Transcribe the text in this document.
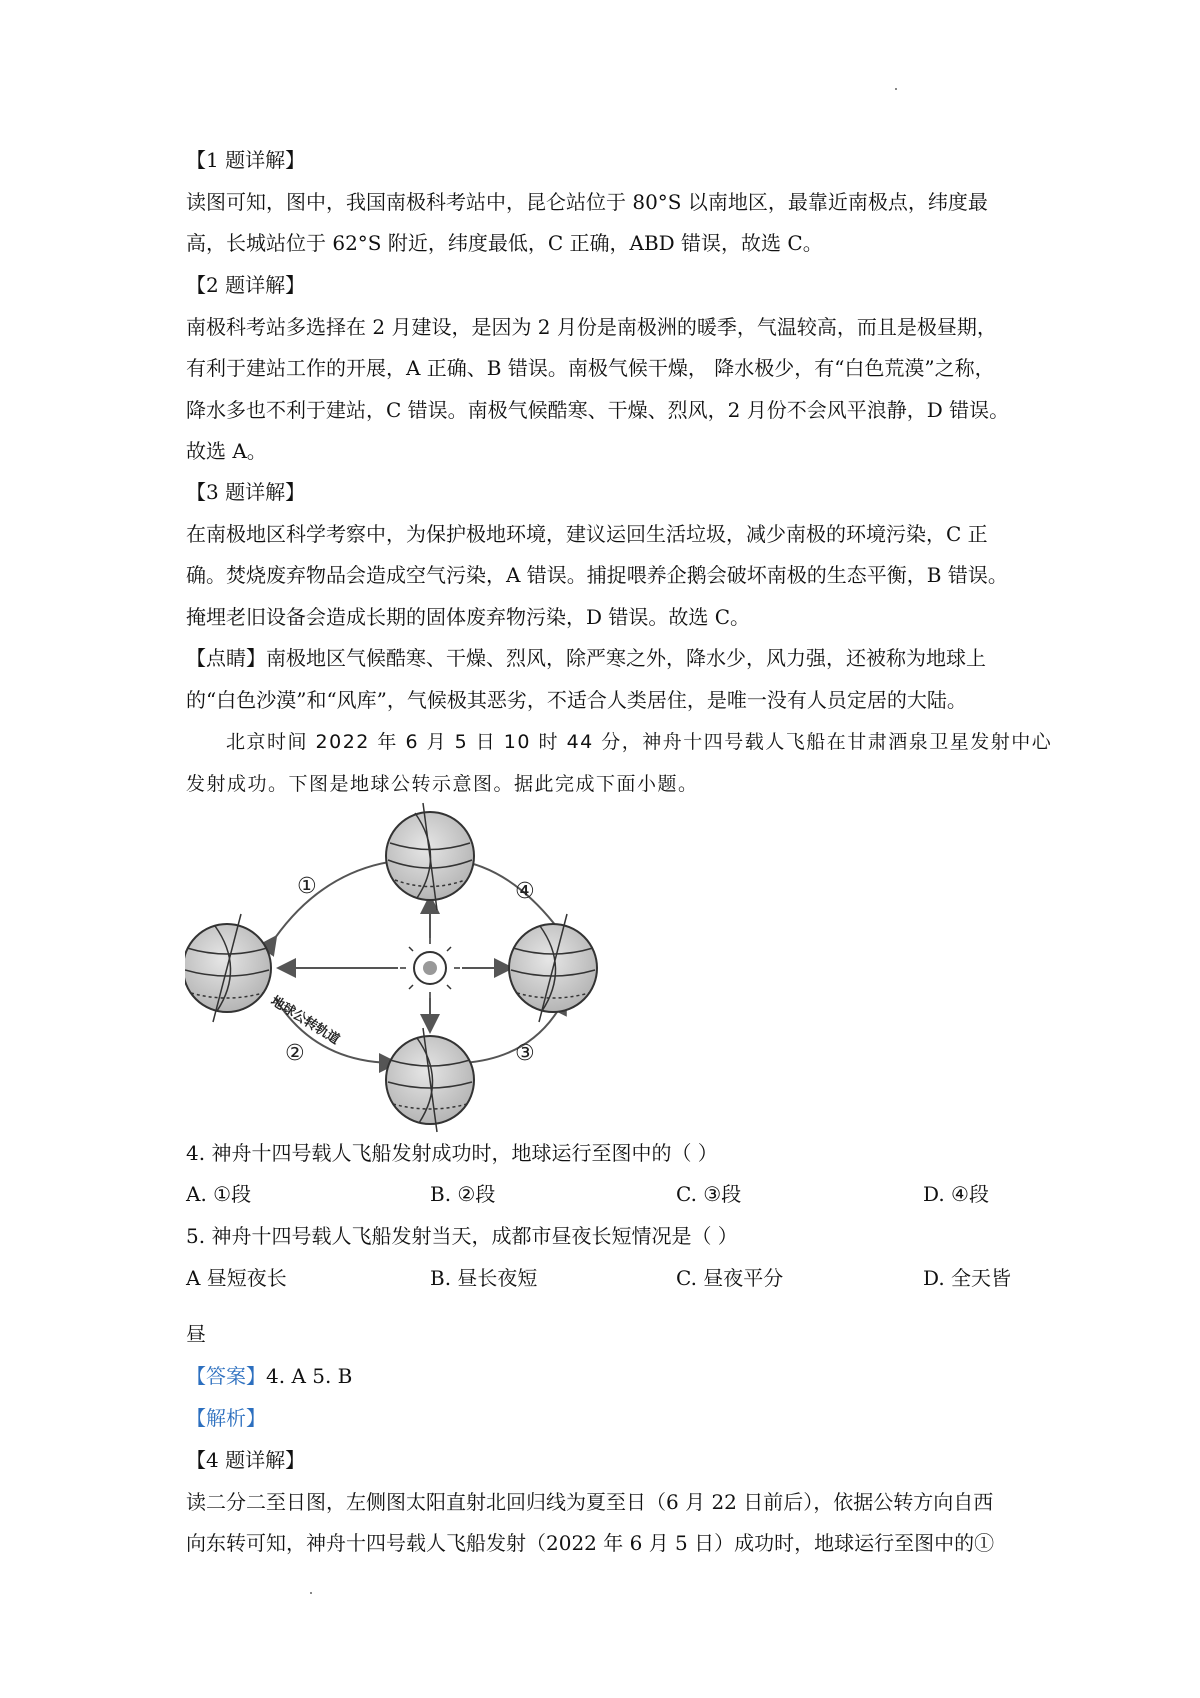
【1 题详解】
读图可知，图中，我国南极科考站中，昆仑站位于 80°S 以南地区，最靠近南极点，纬度最
高，长城站位于 62°S 附近，纬度最低，C 正确，ABD 错误，故选 C。
【2 题详解】
南极科考站多选择在 2 月建设，是因为 2 月份是南极洲的暖季，气温较高，而且是极昼期，
有利于建站工作的开展，A 正确、B 错误。南极气候干燥， 降水极少，有“白色荒漠”之称，
降水多也不利于建站，C 错误。南极气候酷寒、干燥、烈风，2 月份不会风平浪静，D 错误。
故选 A。
【3 题详解】
在南极地区科学考察中，为保护极地环境，建议运回生活垃圾，减少南极的环境污染，C 正
确。焚烧废弃物品会造成空气污染，A 错误。捕捉喂养企鹅会破坏南极的生态平衡，B 错误。
掩埋老旧设备会造成长期的固体废弃物污染，D 错误。故选 C。
【点睛】南极地区气候酷寒、干燥、烈风，除严寒之外，降水少，风力强，还被称为地球上
的“白色沙漠”和“风库”，气候极其恶劣，不适合人类居住，是唯一没有人员定居的大陆。
北京时间 2022 年 6 月 5 日 10 时 44 分，神舟十四号载人飞船在甘肃酒泉卫星发射中心
发射成功。下图是地球公转示意图。据此完成下面小题。
①	④
②	③
地球公转轨道
4. 神舟十四号载人飞船发射成功时，地球运行至图中的（ ）
A. ①段	B. ②段	C. ③段	D. ④段
5. 神舟十四号载人飞船发射当天，成都市昼夜长短情况是（ ）
A 昼短夜长	B. 昼长夜短	C. 昼夜平分	D. 全天皆
昼
【答案】4. A 5. B
【解析】
【4 题详解】
读二分二至日图，左侧图太阳直射北回归线为夏至日（6 月 22 日前后），依据公转方向自西
向东转可知，神舟十四号载人飞船发射（2022 年 6 月 5 日）成功时，地球运行至图中的①
